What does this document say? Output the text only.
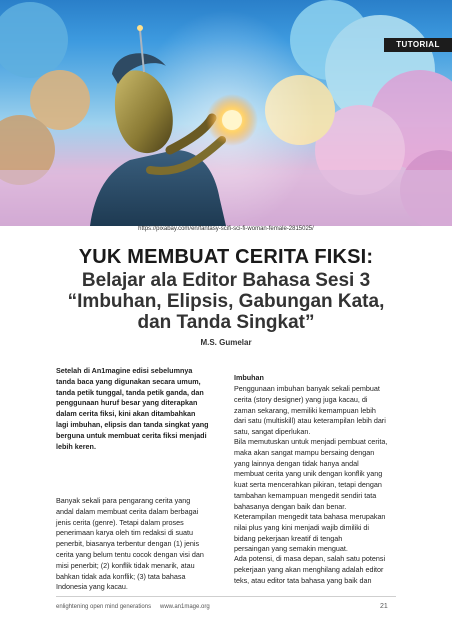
TUTORIAL
https://pixabay.com/en/fantasy-scifi-sci-fi-woman-female-2815025/
YUK MEMBUAT CERITA FIKSI:
Belajar ala Editor Bahasa Sesi 3
“Imbuhan, Elipsis, Gabungan Kata,
dan Tanda Singkat”
M.S. Gumelar
Setelah di An1magine edisi sebelumnya
tanda baca yang digunakan secara umum,
tanda petik tunggal, tanda petik ganda, dan
penggunaan huruf besar yang diterapkan
dalam cerita fiksi, kini akan ditambahkan
lagi imbuhan, elipsis dan tanda singkat yang
berguna untuk membuat cerita fiksi menjadi
lebih keren.
Banyak sekali para pengarang cerita yang
andal dalam membuat cerita dalam berbagai
jenis cerita (genre). Tetapi dalam proses
penerimaan karya oleh tim redaksi di suatu
penerbit, biasanya terbentur dengan (1) jenis
cerita yang belum tentu cocok dengan visi dan
misi penerbit; (2) konflik tidak menarik, atau
bahkan tidak ada konflik; (3) tata bahasa
Indonesia yang kacau.
Imbuhan
Penggunaan imbuhan banyak sekali pembuat
cerita (story designer) yang juga kacau, di
zaman sekarang, memiliki kemampuan lebih
dari satu (multiskill) atau keterampilan lebih dari
satu, sangat diperlukan.
Bila memutuskan untuk menjadi pembuat cerita,
maka akan sangat mampu bersaing dengan
yang lainnya dengan tidak hanya andal
membuat cerita yang unik dengan konflik yang
kuat serta mencerahkan pikiran, tetapi dengan
tambahan kemampuan mengedit sendiri tata
bahasanya dengan baik dan benar.
Keterampilan mengedit tata bahasa merupakan
nilai plus yang kini menjadi wajib dimiliki di
bidang pekerjaan kreatif di tengah
persaingan yang semakin menguat.
Ada potensi, di masa depan, salah satu potensi
pekerjaan yang akan menghilang adalah editor
teks, atau editor tata bahasa yang baik dan
enlightening open mind generations www.an1mage.org	21
